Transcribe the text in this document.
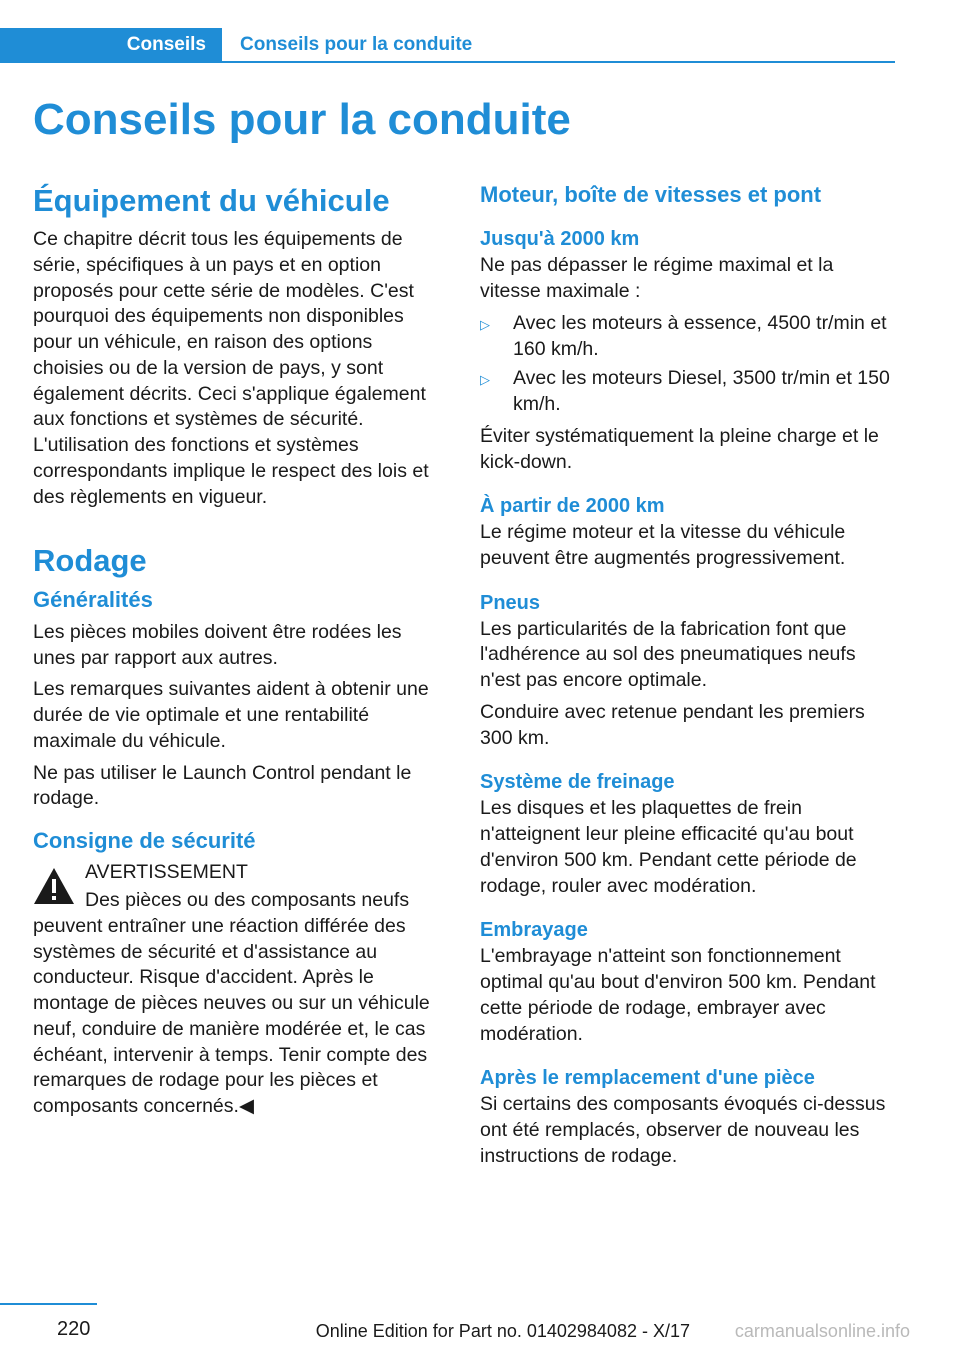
Conseils	Conseils pour la conduite
Conseils pour la conduite
Équipement du véhicule

Ce chapitre décrit tous les équipements de série, spécifiques à un pays et en option proposés pour cette série de modèles. C'est pourquoi des équipements non disponibles pour un véhicule, en raison des options choisies ou de la version de pays, y sont également décrits. Ceci s'applique également aux fonctions et systèmes de sécurité. L'utilisation des fonctions et systèmes correspondants implique le respect des lois et des règlements en vigueur.

Rodage
Généralités

Les pièces mobiles doivent être rodées les unes par rapport aux autres.

Les remarques suivantes aident à obtenir une durée de vie optimale et une rentabilité maximale du véhicule.

Ne pas utiliser le Launch Control pendant le rodage.

Consigne de sécurité

AVERTISSEMENT

Des pièces ou des composants neufs peuvent entraîner une réaction différée des systèmes de sécurité et d'assistance au conducteur. Risque d'accident. Après le montage de pièces neuves ou sur un véhicule neuf, conduire de manière modérée et, le cas échéant, intervenir à temps. Tenir compte des remarques de rodage pour les pièces et composants concernés.◀

Moteur, boîte de vitesses et pont
Jusqu'à 2000 km

Ne pas dépasser le régime maximal et la vitesse maximale :

▷	Avec les moteurs à essence, 4500 tr/min et 160 km/h.
▷	Avec les moteurs Diesel, 3500 tr/min et 150 km/h.

Éviter systématiquement la pleine charge et le kick-down.

À partir de 2000 km

Le régime moteur et la vitesse du véhicule peuvent être augmentés progressivement.

Pneus

Les particularités de la fabrication font que l'adhérence au sol des pneumatiques neufs n'est pas encore optimale.

Conduire avec retenue pendant les premiers 300 km.

Système de freinage

Les disques et les plaquettes de frein n'atteignent leur pleine efficacité qu'au bout d'environ 500 km. Pendant cette période de rodage, rouler avec modération.

Embrayage

L'embrayage n'atteint son fonctionnement optimal qu'au bout d'environ 500 km. Pendant cette période de rodage, embrayer avec modération.

Après le remplacement d'une pièce

Si certains des composants évoqués ci-dessus ont été remplacés, observer de nouveau les instructions de rodage.

220	Online Edition for Part no. 01402984082 - X/17 carmanualsonline.info
